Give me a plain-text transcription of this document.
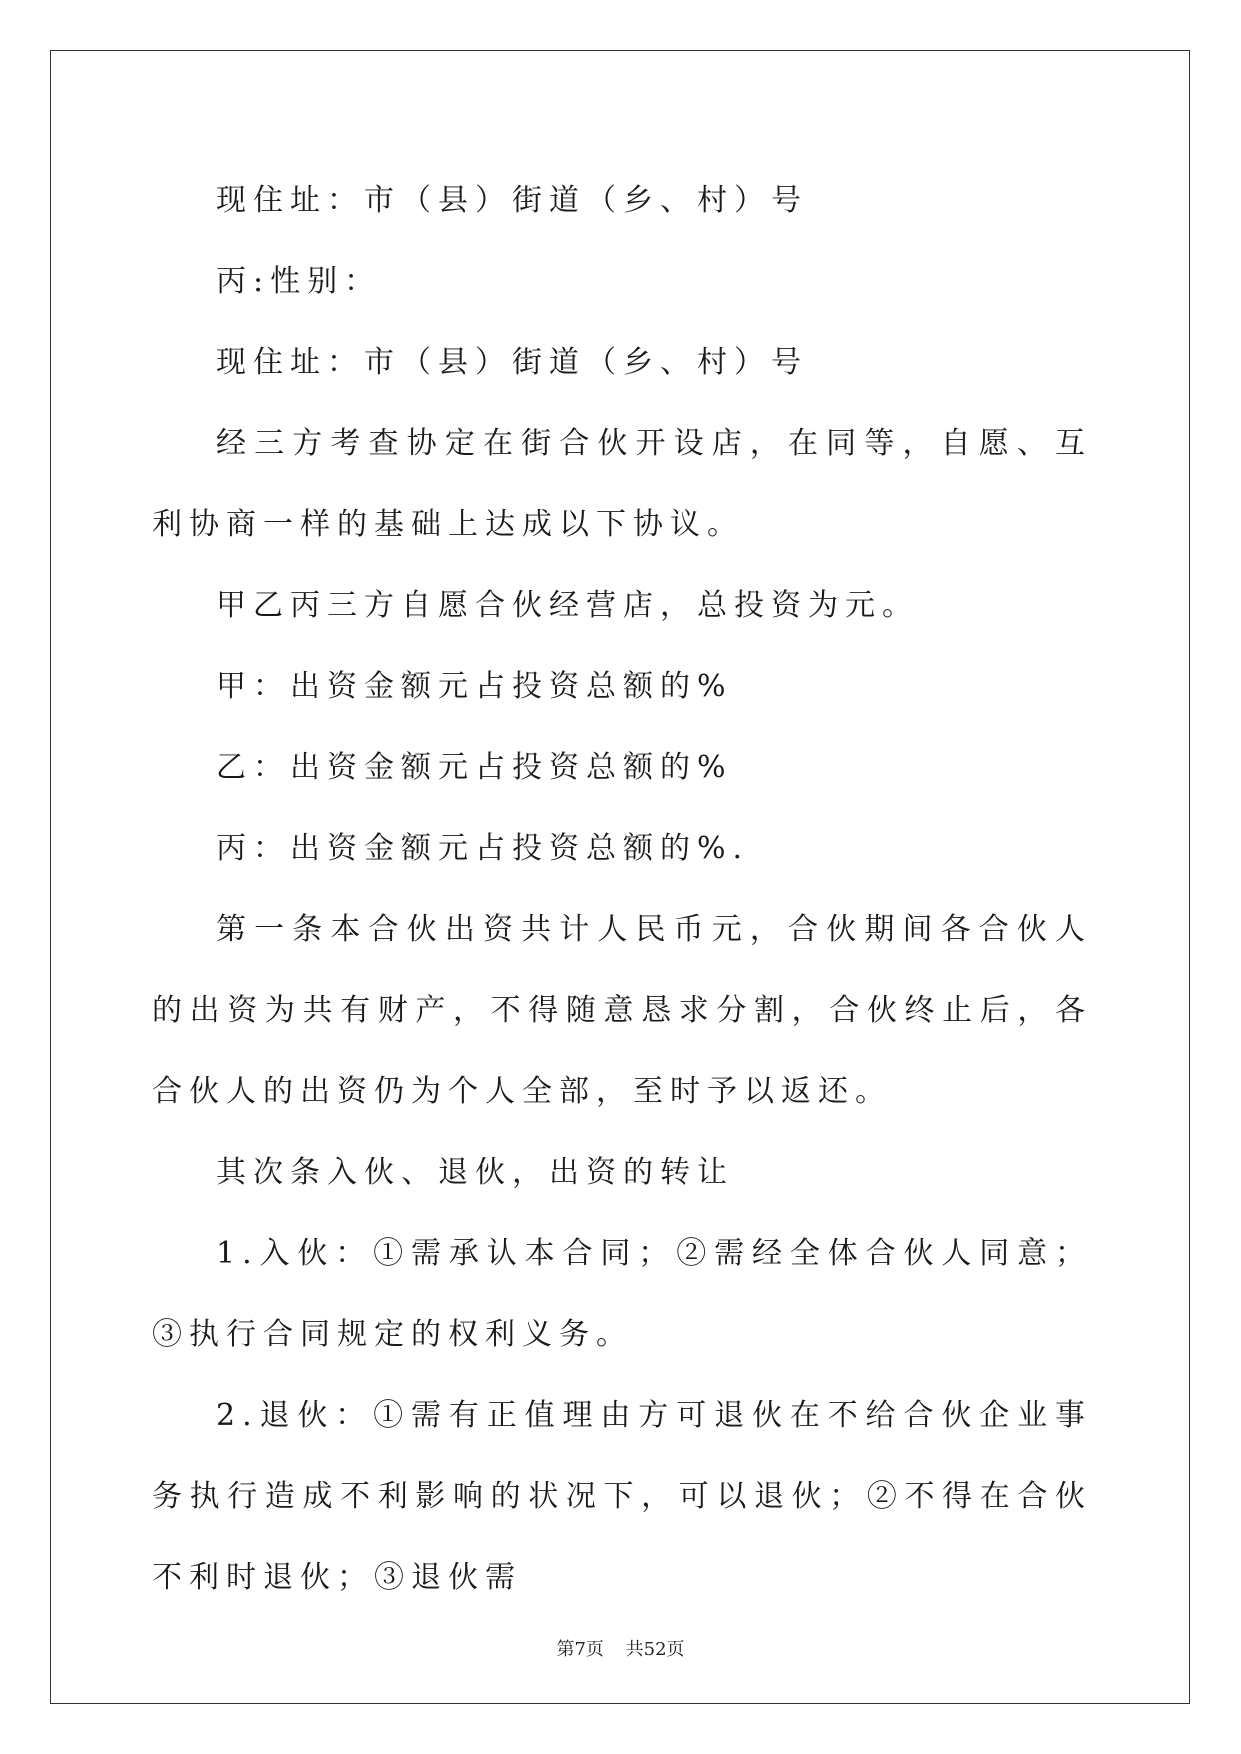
现住址：市（县）街道（乡、村）号

丙:性别：

现住址：市（县）街道（乡、村）号

经三方考查协定在街合伙开设店，在同等，自愿、互利协商一样的基础上达成以下协议。

甲乙丙三方自愿合伙经营店，总投资为元。

甲：出资金额元占投资总额的%

乙：出资金额元占投资总额的%

丙：出资金额元占投资总额的%.

第一条本合伙出资共计人民币元，合伙期间各合伙人的出资为共有财产，不得随意恳求分割，合伙终止后，各合伙人的出资仍为个人全部，至时予以返还。

其次条入伙、退伙，出资的转让

1.入伙：①需承认本合同；②需经全体合伙人同意；③执行合同规定的权利义务。

2.退伙：①需有正值理由方可退伙在不给合伙企业事务执行造成不利影响的状况下，可以退伙；②不得在合伙不利时退伙；③退伙需

第7页 共52页
